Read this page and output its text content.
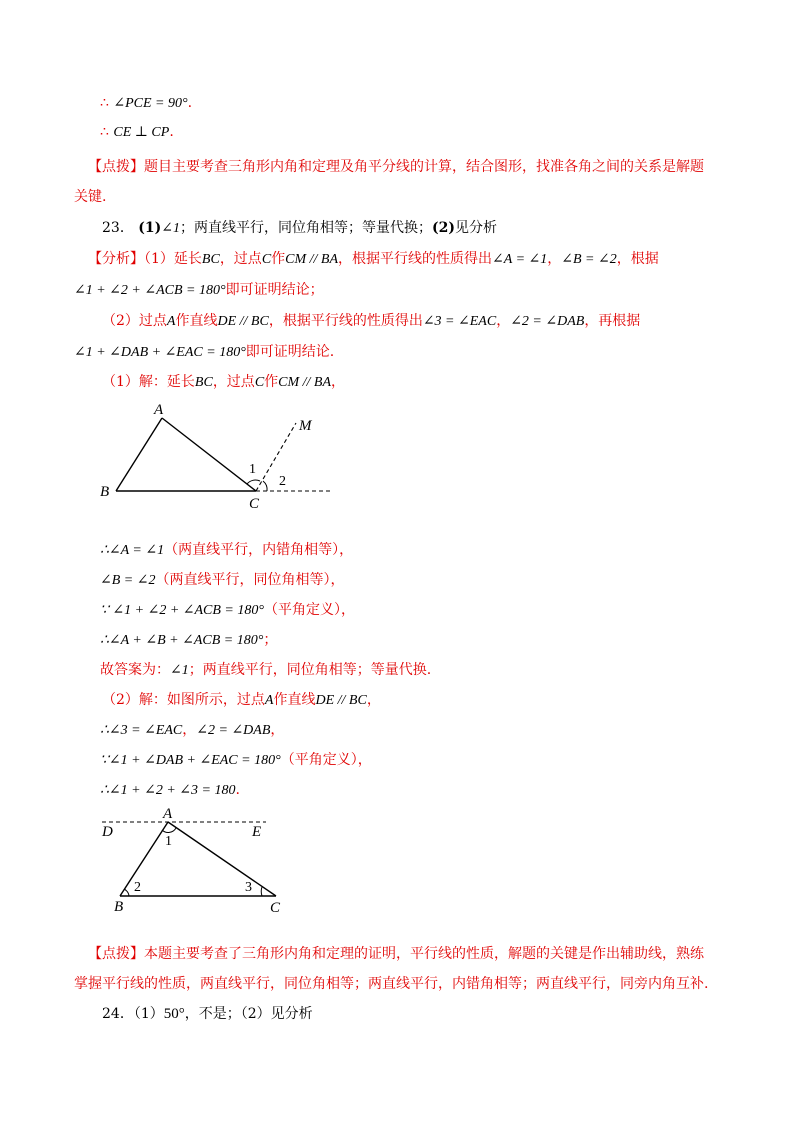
∴ ∠PCE = 90°.
∴ CE ⊥ CP.
【点拨】题目主要考查三角形内角和定理及角平分线的计算，结合图形，找准各角之间的关系是解题
关键.
23． (1)∠1；两直线平行，同位角相等；等量代换；(2)见分析
【分析】（1）延长BC，过点C作CM // BA，根据平行线的性质得出∠A = ∠1，∠B = ∠2，根据
∠1 + ∠2 + ∠ACB = 180°即可证明结论；
（2）过点A作直线DE // BC，根据平行线的性质得出∠3 = ∠EAC，∠2 = ∠DAB，再根据
∠1 + ∠DAB + ∠EAC = 180°即可证明结论.
（1）解：延长BC，过点C作CM // BA，
A
B
C
M
1
2
∴∠A = ∠1（两直线平行，内错角相等），
∠B = ∠2（两直线平行，同位角相等），
∵ ∠1 + ∠2 + ∠ACB = 180°（平角定义），
∴∠A + ∠B + ∠ACB = 180°；
故答案为：∠1；两直线平行，同位角相等；等量代换.
（2）解：如图所示，过点A作直线DE // BC，
∴∠3 = ∠EAC，∠2 = ∠DAB，
∵∠1 + ∠DAB + ∠EAC = 180°（平角定义），
∴∠1 + ∠2 + ∠3 = 180.
A
D	E
B	C
1
2	3
【点拨】本题主要考查了三角形内角和定理的证明，平行线的性质，解题的关键是作出辅助线，熟练
掌握平行线的性质，两直线平行，同位角相等；两直线平行，内错角相等；两直线平行，同旁内角互补.
24．（1）50°，不是；（2）见分析
